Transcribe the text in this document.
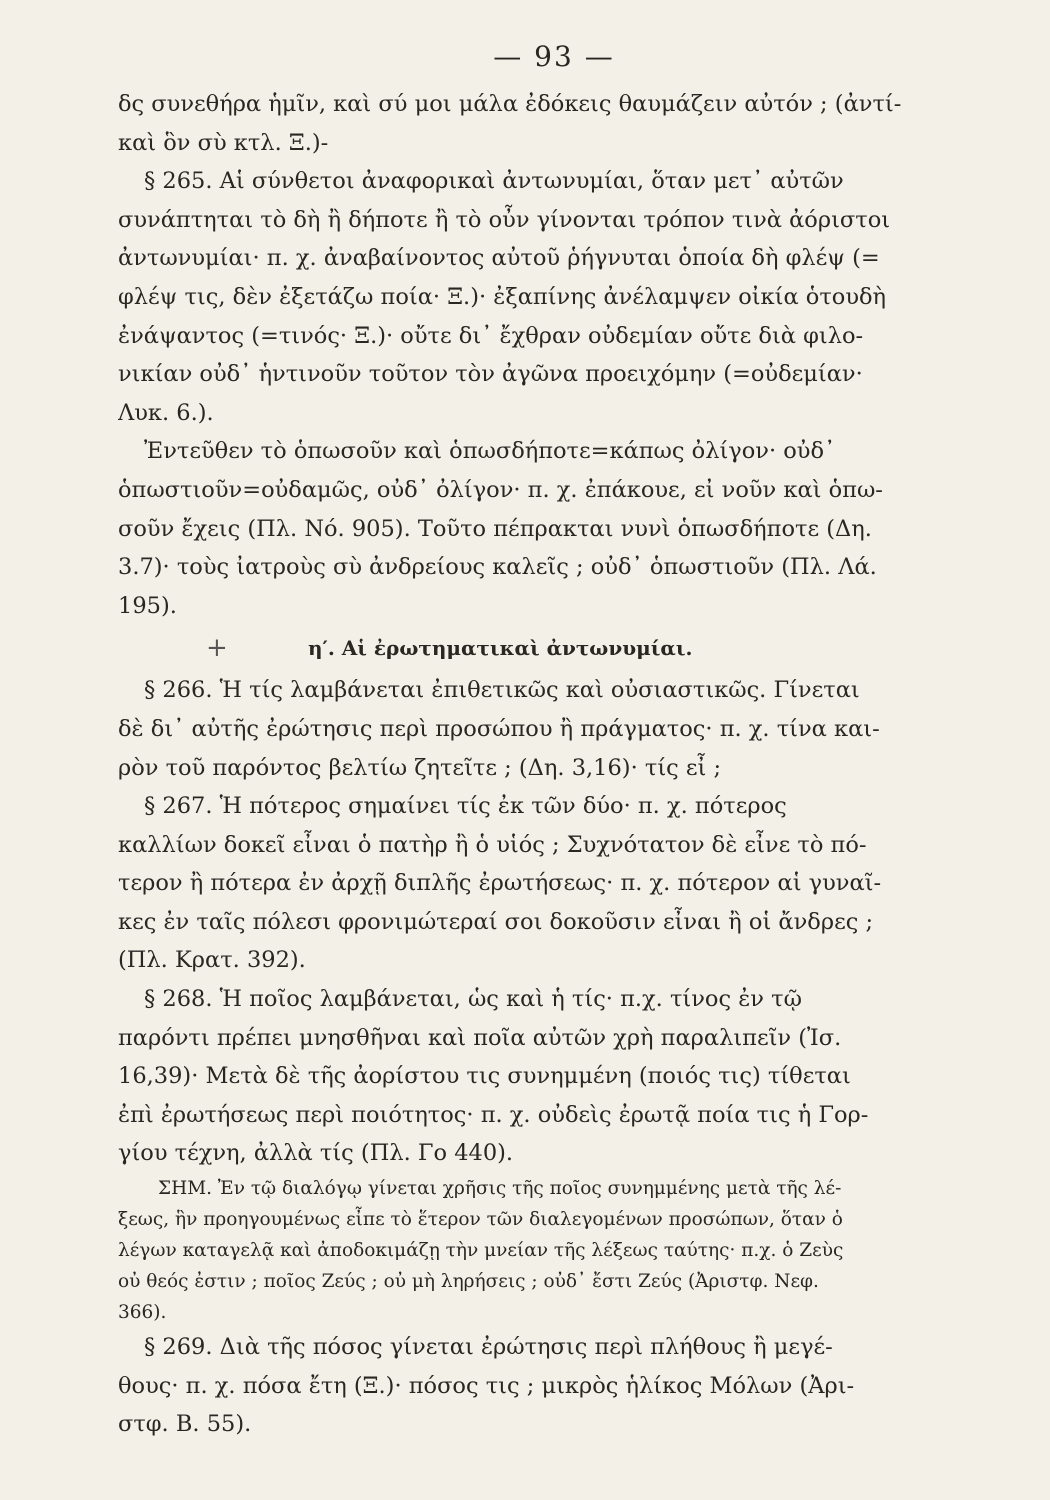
— 93 —
δς συνεθήρα ἡμῖν, καὶ σύ μοι μάλα ἐδόκεις θαυμάζειν αὐτόν ; (ἀντί-
καὶ ὃν σὺ κτλ. Ξ.)-
§ 265. Αἱ σύνθετοι ἀναφορικαὶ ἀντωνυμίαι, ὅταν μετ᾽ αὐτῶν
συνάπτηται τὸ δὴ ἢ δήποτε ἢ τὸ οὖν γίνονται τρόπον τινὰ ἀόριστοι
ἀντωνυμίαι· π. χ. ἀναβαίνοντος αὐτοῦ ῥήγνυται ὁποία δὴ φλέψ (=
φλέψ τις, δὲν ἐξετάζω ποία· Ξ.)· ἐξαπίνης ἀνέλαμψεν οἰκία ὁτουδὴ
ἐνάψαντος (=τινός· Ξ.)· οὔτε δι᾽ ἔχθραν οὐδεμίαν οὔτε διὰ φιλο-
νικίαν οὐδ᾽ ἡντινοῦν τοῦτον τὸν ἀγῶνα προειχόμην (=οὐδεμίαν·
Λυκ. 6.).
Ἐντεῦθεν τὸ ὁπωσοῦν καὶ ὁπωσδήποτε=κάπως ὀλίγον· οὐδ᾽
ὁπωστιοῦν=οὐδαμῶς, οὐδ᾽ ὀλίγον· π. χ. ἐπάκουε, εἰ νοῦν καὶ ὁπω-
σοῦν ἔχεις (Πλ. Νό. 905). Τοῦτο πέπρακται νυνὶ ὁπωσδήποτε (Δη.
3.7)· τοὺς ἰατροὺς σὺ ἀνδρείους καλεῖς ; οὐδ᾽ ὁπωστιοῦν (Πλ. Λά.
195).
η′. Αἱ ἐρωτηματικαὶ ἀντωνυμίαι.
§ 266. Ἡ τίς λαμβάνεται ἐπιθετικῶς καὶ οὐσιαστικῶς. Γίνεται
δὲ δι᾽ αὐτῆς ἐρώτησις περὶ προσώπου ἢ πράγματος· π. χ. τίνα και-
ρὸν τοῦ παρόντος βελτίω ζητεῖτε ; (Δη. 3,16)· τίς εἶ ;
§ 267. Ἡ πότερος σημαίνει τίς ἐκ τῶν δύο· π. χ. πότερος
καλλίων δοκεῖ εἶναι ὁ πατὴρ ἢ ὁ υἱός ; Συχνότατον δὲ εἶνε τὸ πό-
τερον ἢ πότερα ἐν ἀρχῇ διπλῆς ἐρωτήσεως· π. χ. πότερον αἱ γυναῖ-
κες ἐν ταῖς πόλεσι φρονιμώτεραί σοι δοκοῦσιν εἶναι ἢ οἱ ἄνδρες ;
(Πλ. Κρατ. 392).
§ 268. Ἡ ποῖος λαμβάνεται, ὡς καὶ ἡ τίς· π.χ. τίνος ἐν τῷ
παρόντι πρέπει μνησθῆναι καὶ ποῖα αὐτῶν χρὴ παραλιπεῖν (Ἰσ.
16,39)· Μετὰ δὲ τῆς ἀορίστου τις συνημμένη (ποιός τις) τίθεται
ἐπὶ ἐρωτήσεως περὶ ποιότητος· π. χ. οὐδεὶς ἐρωτᾷ ποία τις ἡ Γορ-
γίου τέχνη, ἀλλὰ τίς (Πλ. Γο 440).
ΣΗΜ. Ἐν τῷ διαλόγῳ γίνεται χρῆσις τῆς ποῖος συνημμένης μετὰ τῆς λέ-
ξεως, ἣν προηγουμένως εἶπε τὸ ἕτερον τῶν διαλεγομένων προσώπων, ὅταν ὁ
λέγων καταγελᾷ καὶ ἀποδοκιμάζῃ τὴν μνείαν τῆς λέξεως ταύτης· π.χ. ὁ Ζεὺς
οὐ θεός ἐστιν ; ποῖος Ζεύς ; οὐ μὴ ληρήσεις ; οὐδ᾽ ἔστι Ζεύς (Ἀριστφ. Νεφ.
366).
§ 269. Διὰ τῆς πόσος γίνεται ἐρώτησις περὶ πλήθους ἢ μεγέ-
θους· π. χ. πόσα ἔτη (Ξ.)· πόσος τις ; μικρὸς ἡλίκος Μόλων (Ἀρι-
στφ. Β. 55).
+
